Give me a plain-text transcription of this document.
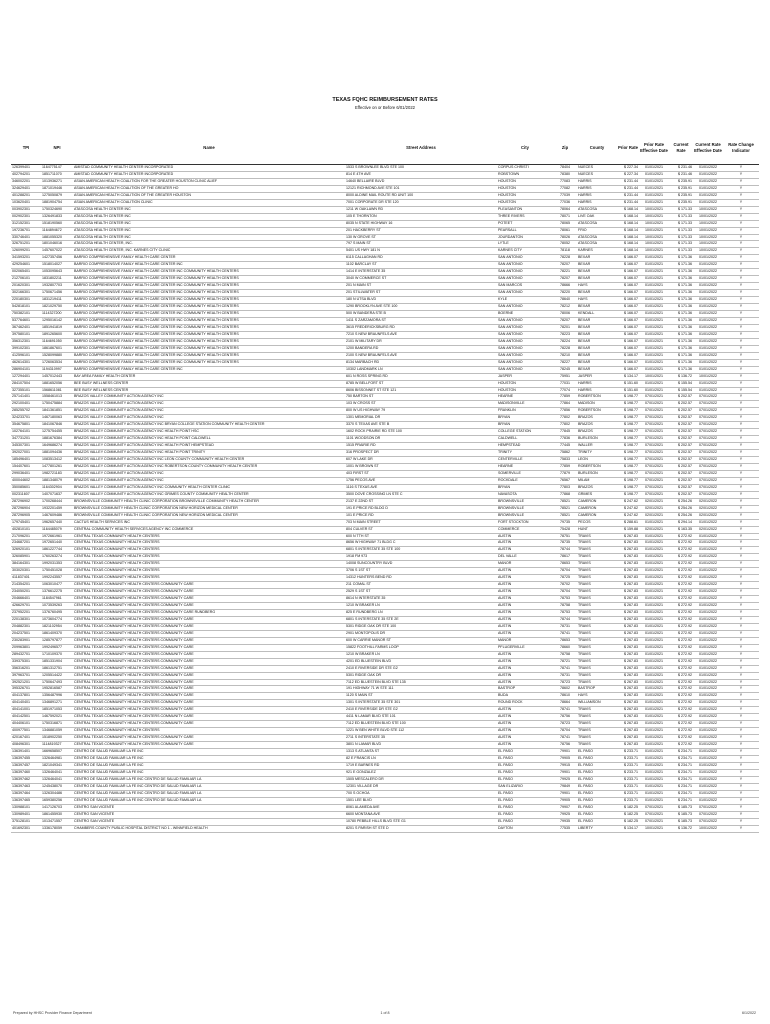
TEXAS FQHC REIMBURSEMENT RATES
Effective on or Before 6/01/2022
TPI	NPI	Name	Street Address	City	Zip	County	Prior Rate	Prior Rate Effective Date	Current Rate	Current Rate Effective Date	Rate Change Indicator
126399401	1164775147	AMISTAD COMMUNITY HEALTH CENTER INCORPORATED	1533 S BROWNLEE BLVD STE 100	CORPUS CHRISTI	78404	NUECES	$ 227.34	01/01/2021	$ 231.46	01/01/2022	Y
402794201	1851711070	AMISTAD COMMUNITY HEALTH CENTER INCORPORATED	814 E 4TH AVE	ROBSTOWN	78380	NUECES	$ 227.34	01/01/2021	$ 231.46	01/01/2022	Y
346002201	1013936271	ASIAN AMERICAN HEALTH COALITION FOR THE GREATER HOUSTON CLINIC ALIEF	14640 BELLAIRE BLVD	HOUSTON	77083	HARRIS	$ 231.44	01/01/2021	$ 235.91	01/01/2022	Y
324629401	1871019446	ASIAN AMERICAN HEALTH COALITION OF THE GREATER HO	12121 RICHMOND AVE STE 101	HOUSTON	77082	HARRIS	$ 231.44	01/01/2021	$ 235.91	01/01/2022	Y
401288201	1275050879	ASIAN AMERICAN HEALTH COALITION OF THE GREATER HOUSTON	8000 ALDINE MAIL ROUTE RD UNIT 100	HOUSTON	77039	HARRIS	$ 231.44	01/01/2021	$ 235.91	01/01/2022	Y
103620401	1881904754	ASIAN AMERICAN HEALTH COALITION CLINIC	7001 CORPORATE DR STE 120	HOUSTON	77036	HARRIS	$ 231.44	01/01/2021	$ 235.91	01/01/2022	Y
003902301	1750324690	ATASCOSA HEALTH CENTER INC	1211 W OAKLAWN RD	PLEASANTON	78064	ATASCOSA	$ 168.14	10/01/2021	$ 171.33	10/01/2022	Y
002902301	1326491833	ATASCOSA HEALTH CENTER INC	105 E THORNTON	THREE RIVERS	78071	LIVE OAK	$ 168.14	10/01/2021	$ 171.33	10/01/2022	Y
312152301	1518190560	ATASCOSA HEALTH CENTER INC	8035 N STATE HIGHWAY 16	POTEET	78065	ATASCOSA	$ 168.14	10/01/2021	$ 171.33	10/01/2022	Y
197236701	1164894672	ATASCOSA HEALTH CENTER INC	201 HACKBERRY ST	PEARSALL	78061	FRIO	$ 168.14	10/01/2021	$ 171.33	10/01/2022	Y
330746401	1881055320	ATASCOSA HEALTH CENTER INC	130 W GROVE ST	JOURDANTON	78026	ATASCOSA	$ 168.14	10/01/2021	$ 171.33	10/01/2022	Y
326751201	1801046016	ATASCOSA HEALTH CENTER, INC.	797 S MAIN ST	LYTLE	78052	ATASCOSA	$ 168.14	10/01/2021	$ 171.33	10/01/2022	Y
126099201	1457607022	ATASCOSA HEALTH CENTER, INC. KARNES CITY CLINIC	5401 US HWY 181 N	KARNES CITY	78118	KARNES	$ 168.14	10/01/2021	$ 171.33	10/01/2022	Y
341593201	1427357456	BARRIO COMPREHENSIVE FAMILY HEALTH CARE CENTER	6115 CALLAGHAN RD	SAN ANTONIO	78228	BEXAR	$ 166.07	01/01/2021	$ 171.36	01/01/2022	Y
429254601	1518014027	BARRIO COMPREHENSIVE FAMILY HEALTH CARE CENTER INC	1102 BARCLAY ST	SAN ANTONIO	78207	BEXAR	$ 166.07	01/01/2021	$ 171.36	01/01/2022	Y
002065401	1053095643	BARRIO COMPREHENSIVE FAMILY HEALTH CARE CENTER INC COMMUNITY HEALTH CENTERS	1414 E INTERSTATE 35	SAN ANTONIO	78221	BEXAR	$ 166.07	01/01/2021	$ 171.36	01/01/2022	Y
212706101	1831802211	BARRIO COMPREHENSIVE FAMILY HEALTH CARE CENTER INC COMMUNITY HEALTH CENTERS	3040 W COMMERCE ST	SAN ANTONIO	78207	BEXAR	$ 166.07	01/01/2021	$ 171.36	01/01/2022	Y
201620301	1932807703	BARRIO COMPREHENSIVE FAMILY HEALTH CARE CENTER INC COMMUNITY HEALTH CENTERS	201 N MAIN ST	SAN MARCOS	78666	HAYS	$ 166.07	01/01/2021	$ 171.36	01/01/2022	Y
302166301	1750671456	BARRIO COMPREHENSIVE FAMILY HEALTH CARE CENTER INC COMMUNITY HEALTH CENTERS	201 STILLWATER ST	SAN ANTONIO	78220	BEXAR	$ 166.07	01/01/2021	$ 171.36	01/01/2022	Y
220180301	1831219411	BARRIO COMPREHENSIVE FAMILY HEALTH CARE CENTER INC COMMUNITY HEALTH CENTERS	180 N UTSA BLVD	KYLE	78640	HAYS	$ 166.07	01/01/2021	$ 171.36	01/01/2022	Y
542818101	1821029750	BARRIO COMPREHENSIVE FAMILY HEALTH CARE CENTER INC COMMUNITY HEALTH CENTERS	1290 BROOKLYN AVE STE 100	SAN ANTONIO	78212	BEXAR	$ 166.07	01/01/2021	$ 171.36	01/01/2022	Y
750382101	1114327200	BARRIO COMPREHENSIVE FAMILY HEALTH CARE CENTER INC COMMUNITY HEALTH CENTERS	500 W BANDERA STE B	BOERNE	78006	KENDALL	$ 166.07	01/01/2021	$ 171.36	01/01/2022	Y
537764601	1295016142	BARRIO COMPREHENSIVE FAMILY HEALTH CARE CENTER INC COMMUNITY HEALTH CENTERS	1411 S ZARZAMORA ST	SAN ANTONIO	78207	BEXAR	$ 166.07	01/01/2021	$ 171.36	01/01/2022	Y
367462401	1851941819	BARRIO COMPREHENSIVE FAMILY HEALTH CARE CENTER INC COMMUNITY HEALTH CENTERS	3615 FREDERICKSBURG RD	SAN ANTONIO	78201	BEXAR	$ 166.07	01/01/2021	$ 171.36	01/01/2022	Y
397580101	1891265600	BARRIO COMPREHENSIVE FAMILY HEALTH CARE CENTER INC COMMUNITY HEALTH CENTERS	7210 S NEW BRAUNFELS AVE	SAN ANTONIO	78223	BEXAR	$ 166.07	01/01/2021	$ 171.36	01/01/2022	Y
356312301	1164691050	BARRIO COMPREHENSIVE FAMILY HEALTH CARE CENTER INC COMMUNITY HEALTH CENTERS	2101 W MILITARY DR	SAN ANTONIO	78224	BEXAR	$ 166.07	01/01/2021	$ 171.36	01/01/2022	Y
399102301	1861867601	BARRIO COMPREHENSIVE FAMILY HEALTH CARE CENTER INC COMMUNITY HEALTH CENTERS	1200 BANDERA RD	SAN ANTONIO	78228	BEXAR	$ 166.07	01/01/2021	$ 171.36	01/01/2022	Y
412596101	1528099880	BARRIO COMPREHENSIVE FAMILY HEALTH CARE CENTER INC COMMUNITY HEALTH CENTERS	2100 S NEW BRAUNFELS AVE	SAN ANTONIO	78210	BEXAR	$ 166.07	01/01/2021	$ 171.36	01/01/2022	Y
462614301	1726063534	BARRIO COMPREHENSIVE FAMILY HEALTH CARE CENTER INC COMMUNITY HEALTH CENTERS	8134 MARBACH RD	SAN ANTONIO	78227	BEXAR	$ 166.07	01/01/2021	$ 171.36	01/01/2022	Y
286904101	1194310997	BARRIO COMPREHENSIVE FAMILY HEALTH CARE CENTER INC	10302 LANDMARK LN	SAN ANTONIO	78245	BEXAR	$ 166.07	01/01/2021	$ 171.36	01/01/2022	Y
127294401	1457012443	BAY AREA FAMILY HEALTH CENTER	601 N ROSS SPRING RD	JASPER	75951	JASPER	$ 134.17	10/01/2021	$ 136.72	10/01/2022	Y
284107504	1881652056	BEE BUSY WELLNESS CENTER	8785 W BELLFORT ST	HOUSTON	77031	HARRIS	$ 151.60	01/01/2021	$ 155.54	01/01/2022	Y
327355101	1568611081	BEE BUSY WELLNESS CENTER	8606 BISSONNET ST STE 121	HOUSTON	77074	HARRIS	$ 151.60	01/01/2021	$ 155.54	01/01/2022	Y
257141401	1558461013	BRAZOS VALLEY COMMUNITY ACTION AGENCY INC	750 BARTON ST	HEARNE	77859	ROBERTSON	$ 198.77	07/01/2021	$ 202.57	07/01/2022	Y
292100401	1750475884	BRAZOS VALLEY COMMUNITY ACTION AGENCY INC	103 W CROSS ST	MADISONVILLE	77864	MADISON	$ 198.77	07/01/2021	$ 202.57	07/01/2022	Y
285255702	1841361851	BRAZOS VALLEY COMMUNITY ACTION AGENCY INC	800 W US HIGHWAY 79	FRANKLIN	77856	ROBERTSON	$ 198.77	07/01/2021	$ 202.57	07/01/2022	Y
324233701	1467180063	BRAZOS VALLEY COMMUNITY ACTION AGENCY INC	1301 MEMORIAL DR	BRYAN	77802	BRAZOS	$ 198.77	07/01/2021	$ 202.57	07/01/2022	Y
354675801	1841067846	BRAZOS VALLEY COMMUNITY ACTION AGENCY INC BRYAN COLLEGE STATION COMMUNITY HEALTH CENTER	3370 S TEXAS AVE STE B	BRYAN	77802	BRAZOS	$ 198.77	07/01/2021	$ 202.57	07/01/2022	Y
102764101	1275754455	BRAZOS VALLEY COMMUNITY ACTION AGENCY INC HEALTH POINT HSC	1602 ROCK PRAIRIE RD STE 100	COLLEGE STATION	77845	BRAZOS	$ 198.77	07/01/2021	$ 202.57	07/01/2022	Y
347731201	1881676384	BRAZOS VALLEY COMMUNITY ACTION AGENCY INC HEALTH POINT CALDWELL	1101 WOODSON DR	CALDWELL	77836	BURLESON	$ 198.77	07/01/2021	$ 202.57	07/01/2022	Y
345307301	1649686274	BRAZOS VALLEY COMMUNITY ACTION AGENCY INC HEALTH POINT HEMPSTEAD	1515 PRAIRIE RD	HEMPSTEAD	77445	WALLER	$ 198.77	07/01/2021	$ 202.57	07/01/2022	Y
392027001	1881094436	BRAZOS VALLEY COMMUNITY ACTION AGENCY INC HEALTH POINT TRINITY	316 PROSPECT DR	TRINITY	75862	TRINITY	$ 198.77	07/01/2021	$ 202.57	07/01/2022	Y
185496401	1083513412	BRAZOS VALLEY COMMUNITY ACTION AGENCY INC LEON COUNTY COMMUNITY HEALTH CENTER	607 W LAKE DR	CENTERVILLE	75833	LEON	$ 198.77	07/01/2021	$ 202.57	07/01/2022	Y
154407601	1477801261	BRAZOS VALLEY COMMUNITY ACTION AGENCY INC ROBERTSON COUNTY COMMUNITY HEALTH CENTER	1001 W BROWN ST	HEARNE	77859	ROBERTSON	$ 198.77	07/01/2021	$ 202.57	07/01/2022	Y
299036401	1982721183	BRAZOS VALLEY COMMUNITY ACTION AGENCY INC	403 FIRST ST	SOMERVILLE	77879	BURLESON	$ 198.77	07/01/2021	$ 202.57	07/01/2022	Y
400044602	1881348079	BRAZOS VALLEY COMMUNITY ACTION AGENCY INC	1756 PECOS AVE	ROCKDALE	76567	MILAM	$ 198.77	07/01/2021	$ 202.57	07/01/2022	Y
350085601	1164302904	BRAZOS VALLEY COMMUNITY ACTION AGENCY INC COMMUNITY HEALTH CENTER CLINIC	1116 S TEXAS AVE	BRYAN	77803	BRAZOS	$ 198.77	07/01/2021	$ 202.57	07/01/2022	Y
002311607	1407071637	BRAZOS VALLEY COMMUNITY ACTION AGENCY INC GRIMES COUNTY COMMUNITY HEALTH CENTER	3500 DOVE CROSSING LN STE C	NAVASOTA	77868	GRIMES	$ 198.77	07/01/2021	$ 202.57	07/01/2022	Y
287296902	1700268444	BROWNSVILLE COMMUNITY HEALTH CLINIC CORPORATION BROWNSVILLE COMMUNITY HEALTH CENTER	2137 E 22ND ST	BROWNSVILLE	78521	CAMERON	$ 247.62	02/01/2021	$ 254.26	02/01/2022	Y
287296904	1932201459	BROWNSVILLE COMMUNITY HEALTH CLINIC CORPORATION NEW HORIZON MEDICAL CENTER	191 E PRICE RD BLDG D	BROWNSVILLE	78521	CAMERON	$ 247.62	02/01/2021	$ 254.26	02/01/2022	Y
287296905	1467609486	BROWNSVILLE COMMUNITY HEALTH CLINIC CORPORATION NEW HORIZON MEDICAL CENTER	101 E PRICE RD	BROWNSVILLE	78521	CAMERON	$ 247.62	02/01/2021	$ 254.26	02/01/2022	Y
179745401	1962657440	CACTUS HEALTH SERVICES INC	703 N MAIN STREET	FORT STOCKTON	79735	PECOS	$ 288.61	01/01/2021	$ 294.14	01/01/2022	Y
402810101	1164485079	CENTRAL COMMUNITY HEALTH SERVICES AGENCY INC COMMERCE	804 CULVER ST	COMMERCE	75428	HUNT	$ 159.88	02/01/2021	$ 163.35	02/01/2022	Y
217096201	1972661961	CENTRAL TEXAS COMMUNITY HEALTH CENTERS	600 N TTH ST	AUSTIN	78751	TRAVIS	$ 267.83	01/01/2021	$ 272.92	01/01/2022	Y
234687201	1972651440	CENTRAL TEXAS COMMUNITY HEALTH CENTERS	8656 W HIGHWAY 71 BLDG C	AUSTIN	78735	TRAVIS	$ 267.83	01/01/2021	$ 272.92	01/01/2022	Y
326920101	1861227744	CENTRAL TEXAS COMMUNITY HEALTH CENTERS	6801 S INTERSTATE 35 STE 100	AUSTIN	78744	TRAVIS	$ 267.83	01/01/2021	$ 272.92	01/01/2022	Y
326085901	1760263274	CENTRAL TEXAS COMMUNITY HEALTH CENTERS	1918 FM 973	DEL VALLE	78617	TRAVIS	$ 267.83	01/01/2021	$ 272.92	01/01/2022	Y
384164301	1992031353	CENTRAL TEXAS COMMUNITY HEALTH CENTERS	14008 SUNCOUNTRY BLVD	MANOR	78653	TRAVIS	$ 267.83	01/01/2021	$ 272.92	01/01/2022	Y
303020301	1750451028	CENTRAL TEXAS COMMUNITY HEALTH CENTERS	3706 S 1ST ST	AUSTIN	78704	TRAVIS	$ 267.83	01/01/2021	$ 272.92	01/01/2022	Y
411837401	1992243557	CENTRAL TEXAS COMMUNITY HEALTH CENTERS	14312 HUNTERS BEND RD	AUSTIN	78725	TRAVIS	$ 267.83	01/01/2021	$ 272.92	01/01/2022	Y
214354201	1063010477	CENTRAL TEXAS COMMUNITY HEALTH CENTERS COMMUNITY CARE	211 COMAL ST	AUSTIN	78702	TRAVIS	$ 267.83	01/01/2021	$ 272.92	01/01/2022	Y
234050201	1376612275	CENTRAL TEXAS COMMUNITY HEALTH CENTERS COMMUNITY CARE	2529 S 1ST ST	AUSTIN	78704	TRAVIS	$ 267.83	01/01/2021	$ 272.92	01/01/2022	Y
204666401	1184547961	CENTRAL TEXAS COMMUNITY HEALTH CENTERS COMMUNITY CARE	8614 N INTERSTATE 35	AUSTIN	78753	TRAVIS	$ 267.83	01/01/2021	$ 272.92	01/01/2022	Y
426629701	1073539263	CENTRAL TEXAS COMMUNITY HEALTH CENTERS COMMUNITY CARE	1210 W BRAKER LN	AUSTIN	78758	TRAVIS	$ 267.83	01/01/2021	$ 272.92	01/01/2022	Y
237952201	1376760495	CENTRAL TEXAS COMMUNITY HEALTH CENTERS COMMUNITY CARE RUNDBERG	825 E RUNDBERG LN	AUSTIN	78753	TRAVIS	$ 267.83	01/01/2021	$ 272.92	01/01/2022	Y
220138301	1073604774	CENTRAL TEXAS COMMUNITY HEALTH CENTERS COMMUNITY CARE	6801 S INTERSTATE 35 STE 2E	AUSTIN	78744	TRAVIS	$ 267.83	01/01/2021	$ 272.92	01/01/2022	Y
204882301	1821102954	CENTRAL TEXAS COMMUNITY HEALTH CENTERS COMMUNITY CARE	5301 RIDGE OAK DR STE 100	AUSTIN	78731	TRAVIS	$ 267.83	01/01/2021	$ 272.92	01/01/2022	Y
204237501	1861409370	CENTRAL TEXAS COMMUNITY HEALTH CENTERS COMMUNITY CARE	2901 MONTOPOLIS DR	AUSTIN	78741	TRAVIS	$ 267.83	01/01/2021	$ 272.92	01/01/2022	Y
230283901	1285797877	CENTRAL TEXAS COMMUNITY HEALTH CENTERS COMMUNITY CARE	600 W CARRIE MANOR ST	MANOR	78653	TRAVIS	$ 267.83	01/01/2021	$ 272.92	01/01/2022	Y
209963801	1992496577	CENTRAL TEXAS COMMUNITY HEALTH CENTERS COMMUNITY CARE	15822 FOOTHILL FARMS LOOP	PFLUGERVILLE	78660	TRAVIS	$ 267.83	01/01/2021	$ 272.92	01/01/2022	Y
289432701	1710109370	CENTRAL TEXAS COMMUNITY HEALTH CENTERS COMMUNITY CARE	1210 W BRAKER LN	AUSTIN	78758	TRAVIS	$ 267.83	01/01/2021	$ 272.92	01/01/2022	Y
339375301	1851331904	CENTRAL TEXAS COMMUNITY HEALTH CENTERS COMMUNITY CARE	4201 ED BLUESTEIN BLVD	AUSTIN	78721	TRAVIS	$ 267.83	01/01/2021	$ 272.92	01/01/2022	Y
356316201	1861312751	CENTRAL TEXAS COMMUNITY HEALTH CENTERS COMMUNITY CARE	2410 E RIVERSIDE DR STE G2	AUSTIN	78741	TRAVIS	$ 267.83	01/01/2021	$ 272.92	01/01/2022	Y
397963701	1205514422	CENTRAL TEXAS COMMUNITY HEALTH CENTERS COMMUNITY CARE	5301 RIDGE OAK DR	AUSTIN	78731	TRAVIS	$ 267.83	01/01/2021	$ 272.92	01/01/2022	Y
392521201	1750647493	CENTRAL TEXAS COMMUNITY HEALTH CENTERS COMMUNITY CARE	7112 ED BLUESTEIN BLVD STE 135	AUSTIN	78723	TRAVIS	$ 267.83	01/01/2021	$ 272.92	01/01/2022	Y
395326701	1952816587	CENTRAL TEXAS COMMUNITY HEALTH CENTERS COMMUNITY CARE	191 HIGHWAY 71 W STE 111	BASTROP	78602	BASTROP	$ 267.83	01/01/2021	$ 272.92	01/01/2022	Y
404137801	1356487996	CENTRAL TEXAS COMMUNITY HEALTH CENTERS COMMUNITY CARE	1120 S MAIN ST	BUDA	78610	HAYS	$ 267.83	01/01/2021	$ 272.92	01/01/2022	Y
404140401	1346891271	CENTRAL TEXAS COMMUNITY HEALTH CENTERS COMMUNITY CARE	1301 S INTERSTATE 35 STE 301	ROUND ROCK	78664	WILLIAMSON	$ 267.83	01/01/2021	$ 272.92	01/01/2022	Y
404141001	1851971053	CENTRAL TEXAS COMMUNITY HEALTH CENTERS COMMUNITY CARE	2410 E RIVERSIDE DR STE G2	AUSTIN	78741	TRAVIS	$ 267.83	01/01/2021	$ 272.92	01/01/2022	Y
404142501	1467592021	CENTRAL TEXAS COMMUNITY HEALTH CENTERS COMMUNITY CARE	4411 N LAMAR BLVD STE 101	AUSTIN	78756	TRAVIS	$ 267.83	01/01/2021	$ 272.92	01/01/2022	Y
404406101	1750316871	CENTRAL TEXAS COMMUNITY HEALTH CENTERS COMMUNITY CARE	7112 ED BLUESTEIN BLVD STE 100	AUSTIN	78723	TRAVIS	$ 267.83	01/01/2021	$ 272.92	01/01/2022	Y
400977501	1346881059	CENTRAL TEXAS COMMUNITY HEALTH CENTERS	1221 W BEN WHITE BLVD STE 112	AUSTIN	78704	TRAVIS	$ 267.83	01/01/2021	$ 272.92	01/01/2022	Y
420167401	1518902250	CENTRAL TEXAS COMMUNITY HEALTH CENTERS COMMUNITY CARE	2711 S INTERSTATE 35	AUSTIN	78741	TRAVIS	$ 267.83	01/01/2021	$ 272.92	01/01/2022	Y
408496301	1114819327	CENTRAL TEXAS COMMUNITY HEALTH CENTERS COMMUNITY CARE	3801 N LAMAR BLVD	AUSTIN	78756	TRAVIS	$ 267.83	01/01/2021	$ 272.92	01/01/2022	Y
136391401	1669658507	CENTRO DE SALUD FAMILIAR LA FE INC	1313 S ATLANTA ST	EL PASO	79901	EL PASO	$ 233.71	01/01/2021	$ 234.71	01/01/2022	Y
136397455	1326464981	CENTRO DE SALUD FAMILIAR LA FE INC	82 E FRANCIS LN	EL PASO	79905	EL PASO	$ 233.71	01/01/2021	$ 234.71	01/01/2022	Y
136397457	1821049341	CENTRO DE SALUD FAMILIAR LA FE INC	1719 E BARNES RD	EL PASO	79915	EL PASO	$ 233.71	01/01/2021	$ 234.71	01/01/2022	Y
136397460	1326464041	CENTRO DE SALUD FAMILIAR LA FE INC	921 E GONZALEZ	EL PASO	79901	EL PASO	$ 233.71	01/01/2021	$ 234.71	01/01/2022	Y
136397462	1326464041	CENTRO DE SALUD FAMILIAR LA FE INC CENTRO DE SALUD FAMILIAR LA	1505 MESCALERO DR	EL PASO	79925	EL PASO	$ 233.71	01/01/2021	$ 234.71	01/01/2022	Y
136397463	1245438070	CENTRO DE SALUD FAMILIAR LA FE INC CENTRO DE SALUD FAMILIAR LA	12301 VILLAGE DR	SAN ELIZARIO	79849	EL PASO	$ 233.71	01/01/2021	$ 234.71	01/01/2022	Y
136397464	1326304486	CENTRO DE SALUD FAMILIAR LA FE INC CENTRO DE SALUD FAMILIAR LA	700 S OCHOA	EL PASO	79901	EL PASO	$ 233.71	01/01/2021	$ 234.71	01/01/2022	Y
136397465	1659380256	CENTRO DE SALUD FAMILIAR LA FE INC CENTRO DE SALUD FAMILIAR LA	1501 LEE BLVD	EL PASO	79905	EL PASO	$ 233.71	01/01/2021	$ 234.71	01/01/2022	Y
130988101	1417126703	CENTRO SAN VICENTE	8061 ALAMEDA AVE	EL PASO	79907	EL PASO	$ 182.25	07/01/2021	$ 185.73	07/01/2022	Y
130989401	1861455930	CENTRO SAN VICENTE	6600 MONTANA AVE	EL PASO	79925	EL PASO	$ 182.25	07/01/2021	$ 185.73	07/01/2022	Y
375128101	1013471557	CENTRO SAN VICENTE	10780 PEBBLE HILLS BLVD STE G1	EL PASO	79935	EL PASO	$ 182.25	07/01/2021	$ 185.73	07/01/2022	Y
401692301	1336178059	CHAMBERS COUNTY PUBLIC HOSPITAL DISTRICT NO 1 - WINNFIELD HEALTH	8201 S PARISH ST STE D	DAYTON	77535	LIBERTY	$ 134.17	10/01/2021	$ 136.72	10/01/2022	Y
Prepared by HHSC Provider Finance Department	1 of 8	6/1/2022
